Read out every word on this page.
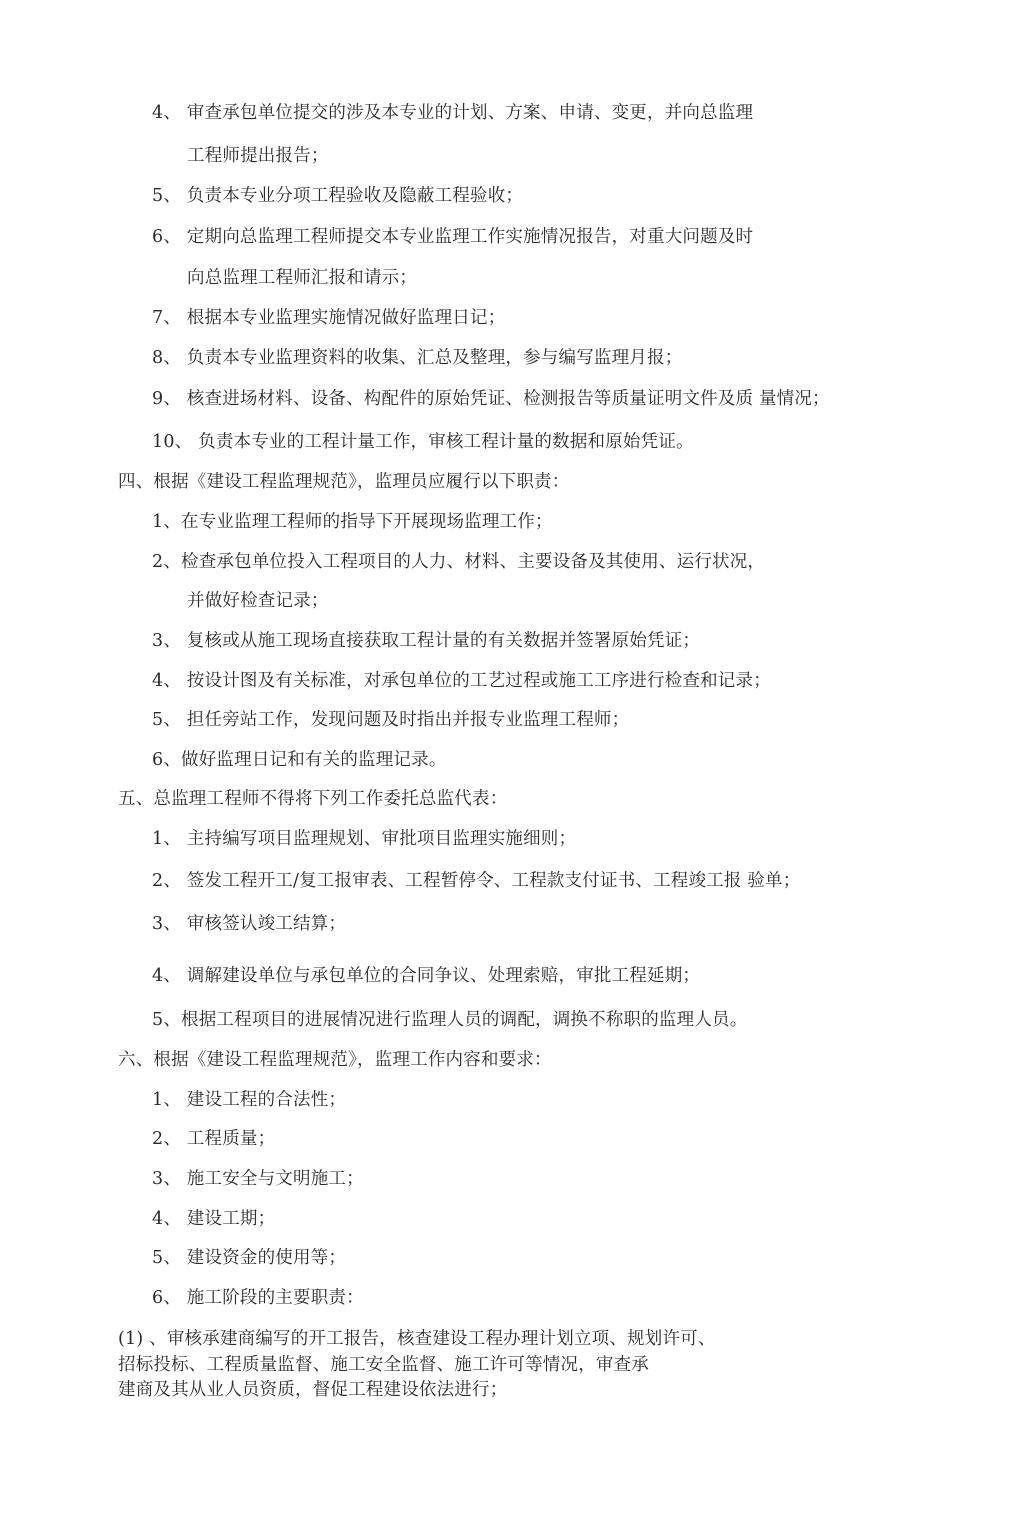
4、 审查承包单位提交的涉及本专业的计划、方案、申请、变更，并向总监理
工程师提出报告；
5、 负责本专业分项工程验收及隐蔽工程验收；
6、 定期向总监理工程师提交本专业监理工作实施情况报告，对重大问题及时
向总监理工程师汇报和请示；
7、 根据本专业监理实施情况做好监理日记；
8、 负责本专业监理资料的收集、汇总及整理，参与编写监理月报；
9、 核查进场材料、设备、构配件的原始凭证、检测报告等质量证明文件及质 量情况；
10、 负责本专业的工程计量工作，审核工程计量的数据和原始凭证。
四、根据《建设工程监理规范》，监理员应履行以下职责：
1、在专业监理工程师的指导下开展现场监理工作；
2、检查承包单位投入工程项目的人力、材料、主要设备及其使用、运行状况，
并做好检查记录；
3、 复核或从施工现场直接获取工程计量的有关数据并签署原始凭证；
4、 按设计图及有关标准，对承包单位的工艺过程或施工工序进行检查和记录；
5、 担任旁站工作，发现问题及时指出并报专业监理工程师；
6、做好监理日记和有关的监理记录。
五、总监理工程师不得将下列工作委托总监代表：
1、 主持编写项目监理规划、审批项目监理实施细则；
2、 签发工程开工/复工报审表、工程暂停令、工程款支付证书、工程竣工报 验单；
3、 审核签认竣工结算；
4、 调解建设单位与承包单位的合同争议、处理索赔，审批工程延期；
5、根据工程项目的进展情况进行监理人员的调配，调换不称职的监理人员。
六、根据《建设工程监理规范》，监理工作内容和要求：
1、 建设工程的合法性；
2、 工程质量；
3、 施工安全与文明施工；
4、 建设工期；
5、 建设资金的使用等；
6、 施工阶段的主要职责：
(1) 、审核承建商编写的开工报告，核查建设工程办理计划立项、规划许可、
招标投标、工程质量监督、施工安全监督、施工许可等情况，审查承
建商及其从业人员资质，督促工程建设依法进行；
